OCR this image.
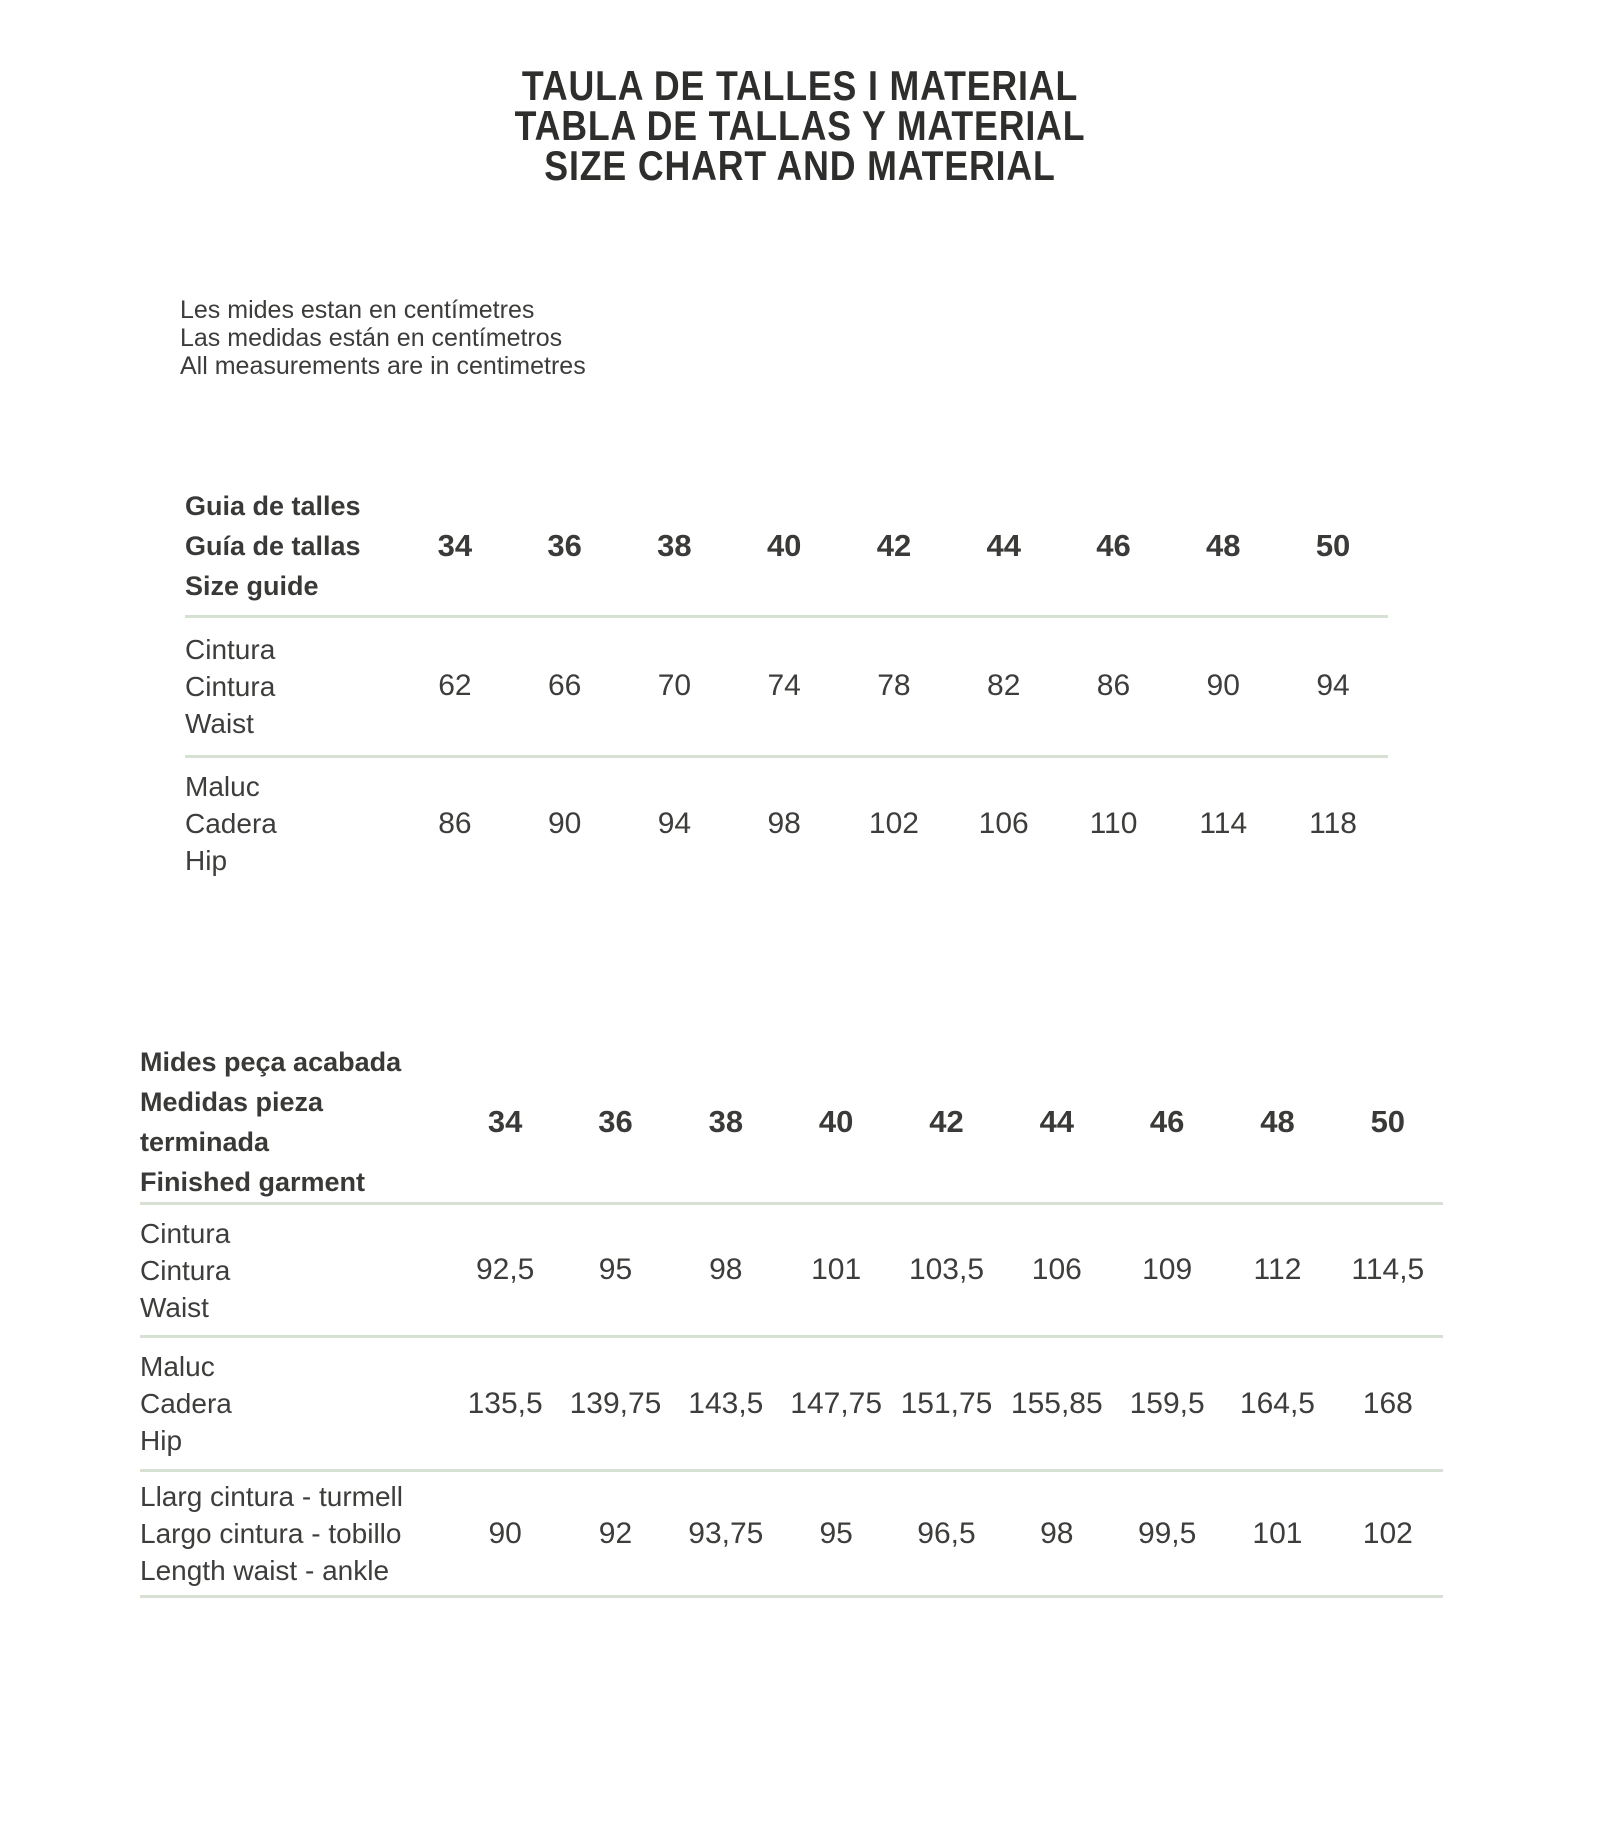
TAULA DE TALLES I MATERIAL
TABLA DE TALLAS Y MATERIAL
SIZE CHART AND MATERIAL
Les mides estan en centímetres
Las medidas están en centímetros
All measurements are in centimetres
Guia de talles
Guía de tallas
Size guide	34	36	38	40	42	44	46	48	50

Cintura
Cintura
Waist	62	66	70	74	78	82	86	90	94

Maluc
Cadera
Hip	86	90	94	98	102	106	110	114	118
Mides peça acabada
Medidas pieza terminada
Finished garment	34	36	38	40	42	44	46	48	50

Cintura
Cintura
Waist	92,5	95	98	101	103,5	106	109	112	114,5

Maluc
Cadera
Hip	135,5	139,75	143,5	147,75	151,75	155,85	159,5	164,5	168

Llarg cintura - turmell
Largo cintura - tobillo
Length waist - ankle	90	92	93,75	95	96,5	98	99,5	101	102
